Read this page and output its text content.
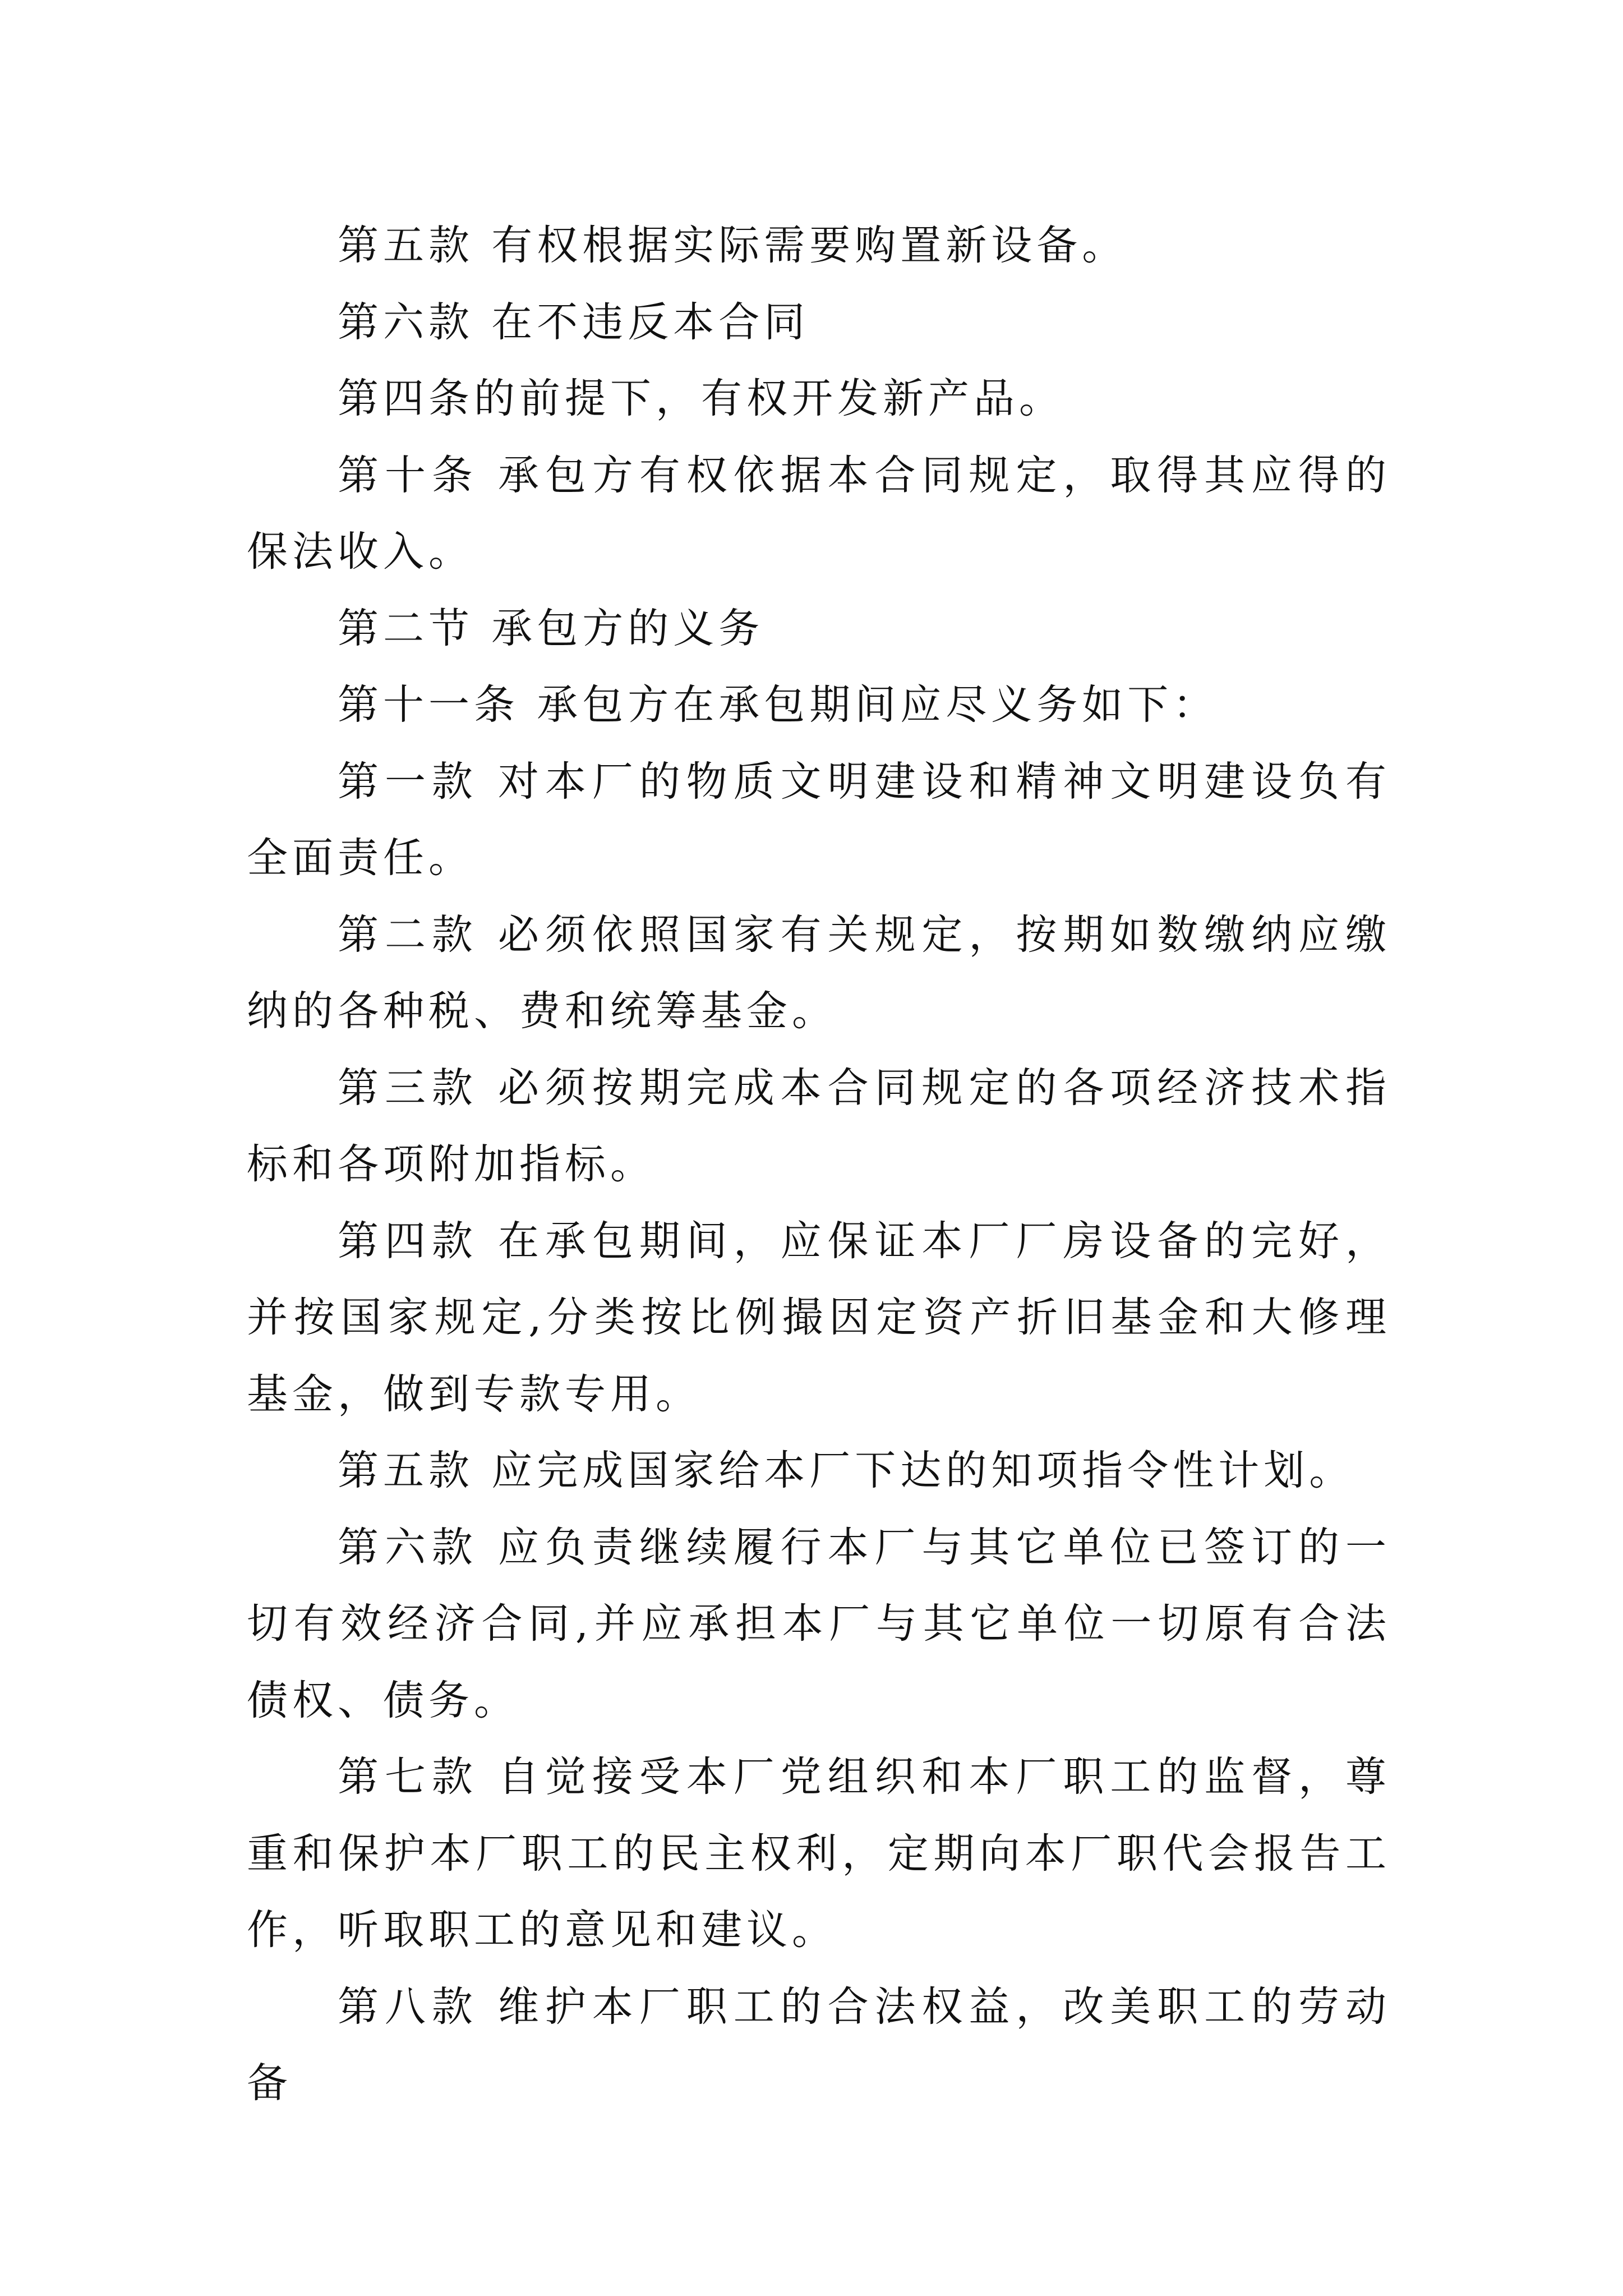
第五款 有权根据实际需要购置新设备。

第六款 在不违反本合同

第四条的前提下，有权开发新产品。

第十条 承包方有权依据本合同规定，取得其应得的保法收入。

第二节 承包方的义务

第十一条 承包方在承包期间应尽义务如下：

第一款 对本厂的物质文明建设和精神文明建设负有全面责任。

第二款 必须依照国家有关规定，按期如数缴纳应缴纳的各种税、费和统筹基金。

第三款 必须按期完成本合同规定的各项经济技术指标和各项附加指标。

第四款 在承包期间，应保证本厂厂房设备的完好，并按国家规定,分类按比例撮因定资产折旧基金和大修理基金，做到专款专用。

第五款 应完成国家给本厂下达的知项指令性计划。

第六款 应负责继续履行本厂与其它单位已签订的一切有效经济合同,并应承担本厂与其它单位一切原有合法债权、债务。

第七款 自觉接受本厂党组织和本厂职工的监督，尊重和保护本厂职工的民主权利，定期向本厂职代会报告工作，听取职工的意见和建议。

第八款 维护本厂职工的合法权益，改美职工的劳动备
